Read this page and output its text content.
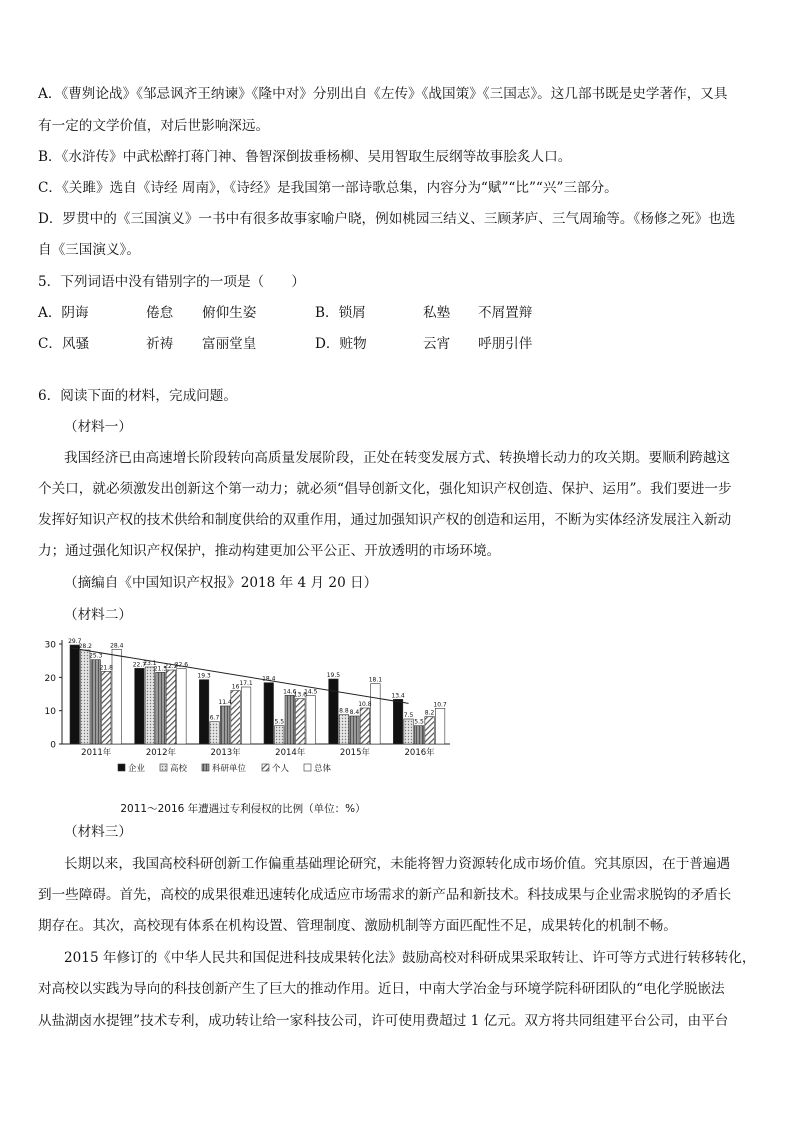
A．《曹刿论战》《邹忌讽齐王纳谏》《隆中对》分别出自《左传》《战国策》《三国志》。这几部书既是史学著作，又具
有一定的文学价值，对后世影响深远。
B．《水浒传》中武松醉打蒋门神、鲁智深倒拔垂杨柳、吴用智取生辰纲等故事脍炙人口。
C．《关雎》选自《诗经 周南》，《诗经》是我国第一部诗歌总集，内容分为“赋”“比”“兴”三部分。
D．罗贯中的《三国演义》一书中有很多故事家喻户晓，例如桃园三结义、三顾茅庐、三气周瑜等。《杨修之死》也选
自《三国演义》。
5．下列词语中没有错别字的一项是（　　）
A．阴诲	倦怠 俯仰生姿	B．锁屑	私塾 不屑置辩
C．风骚	祈祷 富丽堂皇	D．赃物	云宵 呼朋引伴
6．阅读下面的材料，完成问题。
（材料一）
我国经济已由高速增长阶段转向高质量发展阶段，正处在转变发展方式、转换增长动力的攻关期。要顺利跨越这
个关口，就必须激发出创新这个第一动力；就必须“倡导创新文化，强化知识产权创造、保护、运用”。我们要进一步
发挥好知识产权的技术供给和制度供给的双重作用，通过加强知识产权的创造和运用，不断为实体经济发展注入新动
力；通过强化知识产权保护，推动构建更加公平公正、开放透明的市场环境。
（摘编自《中国知识产权报》2018 年 4 月 20 日）
（材料二）
0
10
20
30 29.7
28.2
25.3
21.8
28.4
2011年
22.7
23.1
21.5
22.2
22.6
2012年
19.3
6.7
11.4
16
17.1
2013年
18.4
5.5
14.6
13.6
14.5
2014年
19.5
8.8 8.4
10.8
18.1
2015年
13.4
7.5
5.5
8.2
10.7
2016年
企业	高校	科研单位	个人	总体
2011～2016 年遭遇过专利侵权的比例（单位：%）
（材料三）
长期以来，我国高校科研创新工作偏重基础理论研究，未能将智力资源转化成市场价值。究其原因，在于普遍遇
到一些障碍。首先，高校的成果很难迅速转化成适应市场需求的新产品和新技术。科技成果与企业需求脱钩的矛盾长
期存在。其次，高校现有体系在机构设置、管理制度、激励机制等方面匹配性不足，成果转化的机制不畅。
2015 年修订的《中华人民共和国促进科技成果转化法》鼓励高校对科研成果采取转让、许可等方式进行转移转化，
对高校以实践为导向的科技创新产生了巨大的推动作用。近日，中南大学冶金与环境学院科研团队的“电化学脱嵌法
从盐湖卤水提锂”技术专利，成功转让给一家科技公司，许可使用费超过 1 亿元。双方将共同组建平台公司，由平台
